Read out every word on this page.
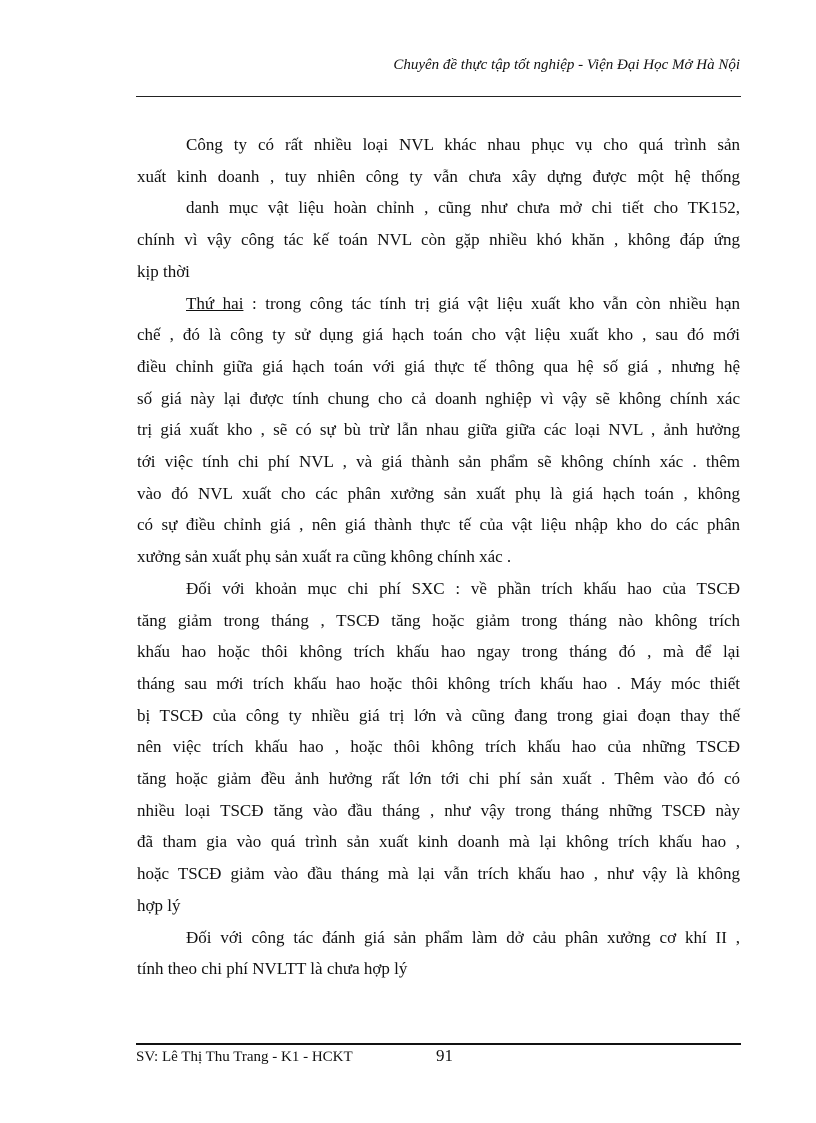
Chuyên đề thực tập tốt nghiệp - Viện Đại Học Mở Hà Nội

Công ty có rất nhiều loại NVL khác nhau phục vụ cho quá trình sản
xuất kinh doanh , tuy nhiên công ty vẫn chưa xây dựng được một hệ thống
danh mục vật liệu hoàn chỉnh , cũng như chưa mở chi tiết cho TK152,
chính vì vậy công tác kế toán NVL còn gặp nhiều khó khăn , không đáp ứng
kịp thời

Thứ hai : trong công tác tính trị giá vật liệu xuất kho vẫn còn nhiều hạn
chế , đó là công ty sử dụng giá hạch toán cho vật liệu xuất kho , sau đó mới
điều chỉnh giữa giá hạch toán với giá thực tế thông qua hệ số giá , nhưng hệ
số giá này lại được tính chung cho cả doanh nghiệp vì vậy sẽ không chính xác
trị giá xuất kho , sẽ có sự bù trừ lẫn nhau giữa giữa các loại NVL , ảnh hưởng
tới việc tính chi phí NVL , và giá thành sản phẩm sẽ không chính xác . thêm
vào đó NVL xuất cho các phân xưởng sản xuất phụ là giá hạch toán , không
có sự điều chỉnh giá , nên giá thành thực tế của vật liệu nhập kho do các phân
xưởng sản xuất phụ sản xuất ra cũng không chính xác .

Đối với khoản mục chi phí SXC : về phần trích khấu hao của TSCĐ
tăng giảm trong tháng , TSCĐ tăng hoặc giảm trong tháng nào không trích
khấu hao hoặc thôi không trích khấu hao ngay trong tháng đó , mà để lại
tháng sau mới trích khấu hao hoặc thôi không trích khấu hao . Máy móc thiết
bị TSCĐ của công ty nhiều giá trị lớn và cũng đang trong giai đoạn thay thế
nên việc trích khấu hao , hoặc thôi không trích khấu hao của những TSCĐ
tăng hoặc giảm đều ảnh hưởng rất lớn tới chi phí sản xuất . Thêm vào đó có
nhiều loại TSCĐ tăng vào đầu tháng , như vậy trong tháng những TSCĐ này
đã tham gia vào quá trình sản xuất kinh doanh mà lại không trích khấu hao ,
hoặc TSCĐ giảm vào đầu tháng mà lại vẫn trích khấu hao , như vậy là không
hợp lý

Đối với công tác đánh giá sản phẩm làm dở cảu phân xưởng cơ khí II ,
tính theo chi phí NVLTT là chưa hợp lý

SV: Lê Thị Thu Trang - K1 - HCKT	91
